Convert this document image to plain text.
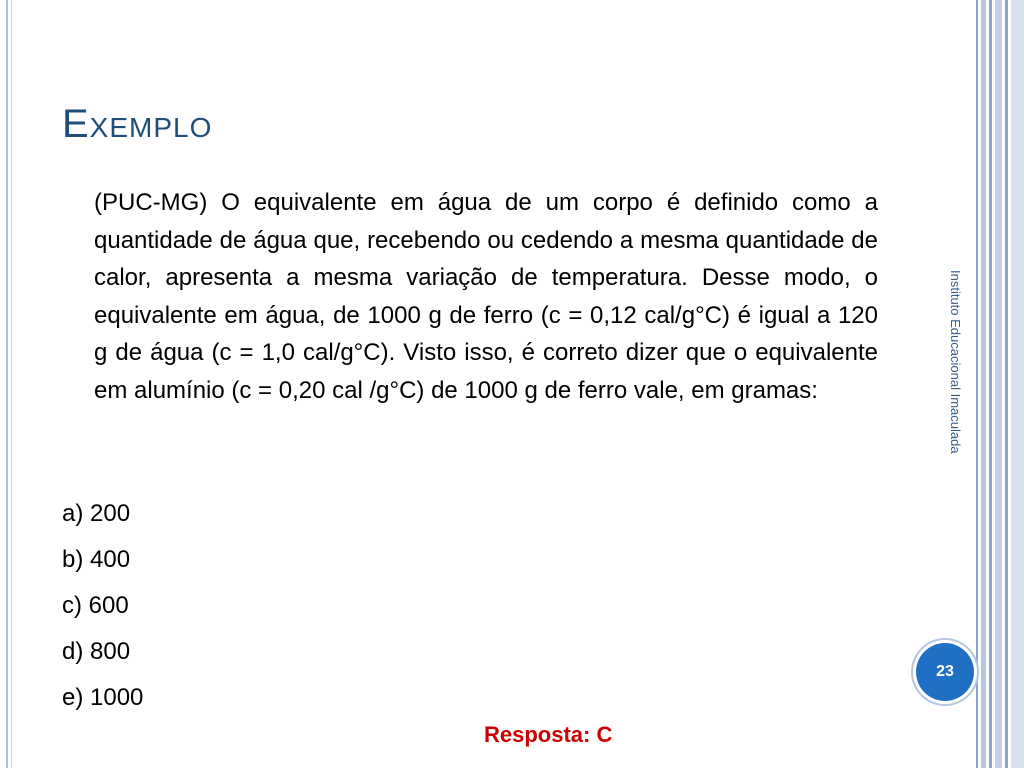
Exemplo
(PUC-MG) O equivalente em água de um corpo é definido como a quantidade de água que, recebendo ou cedendo a mesma quantidade de calor, apresenta a mesma variação de temperatura. Desse modo, o equivalente em água, de 1000 g de ferro (c = 0,12 cal/g°C) é igual a 120 g de água (c = 1,0 cal/g°C). Visto isso, é correto dizer que o equivalente em alumínio (c = 0,20 cal /g°C) de 1000 g de ferro vale, em gramas:
a) 200
b) 400
c) 600
d) 800
e) 1000
Resposta: C
Instituto Educacional Imaculada
23
